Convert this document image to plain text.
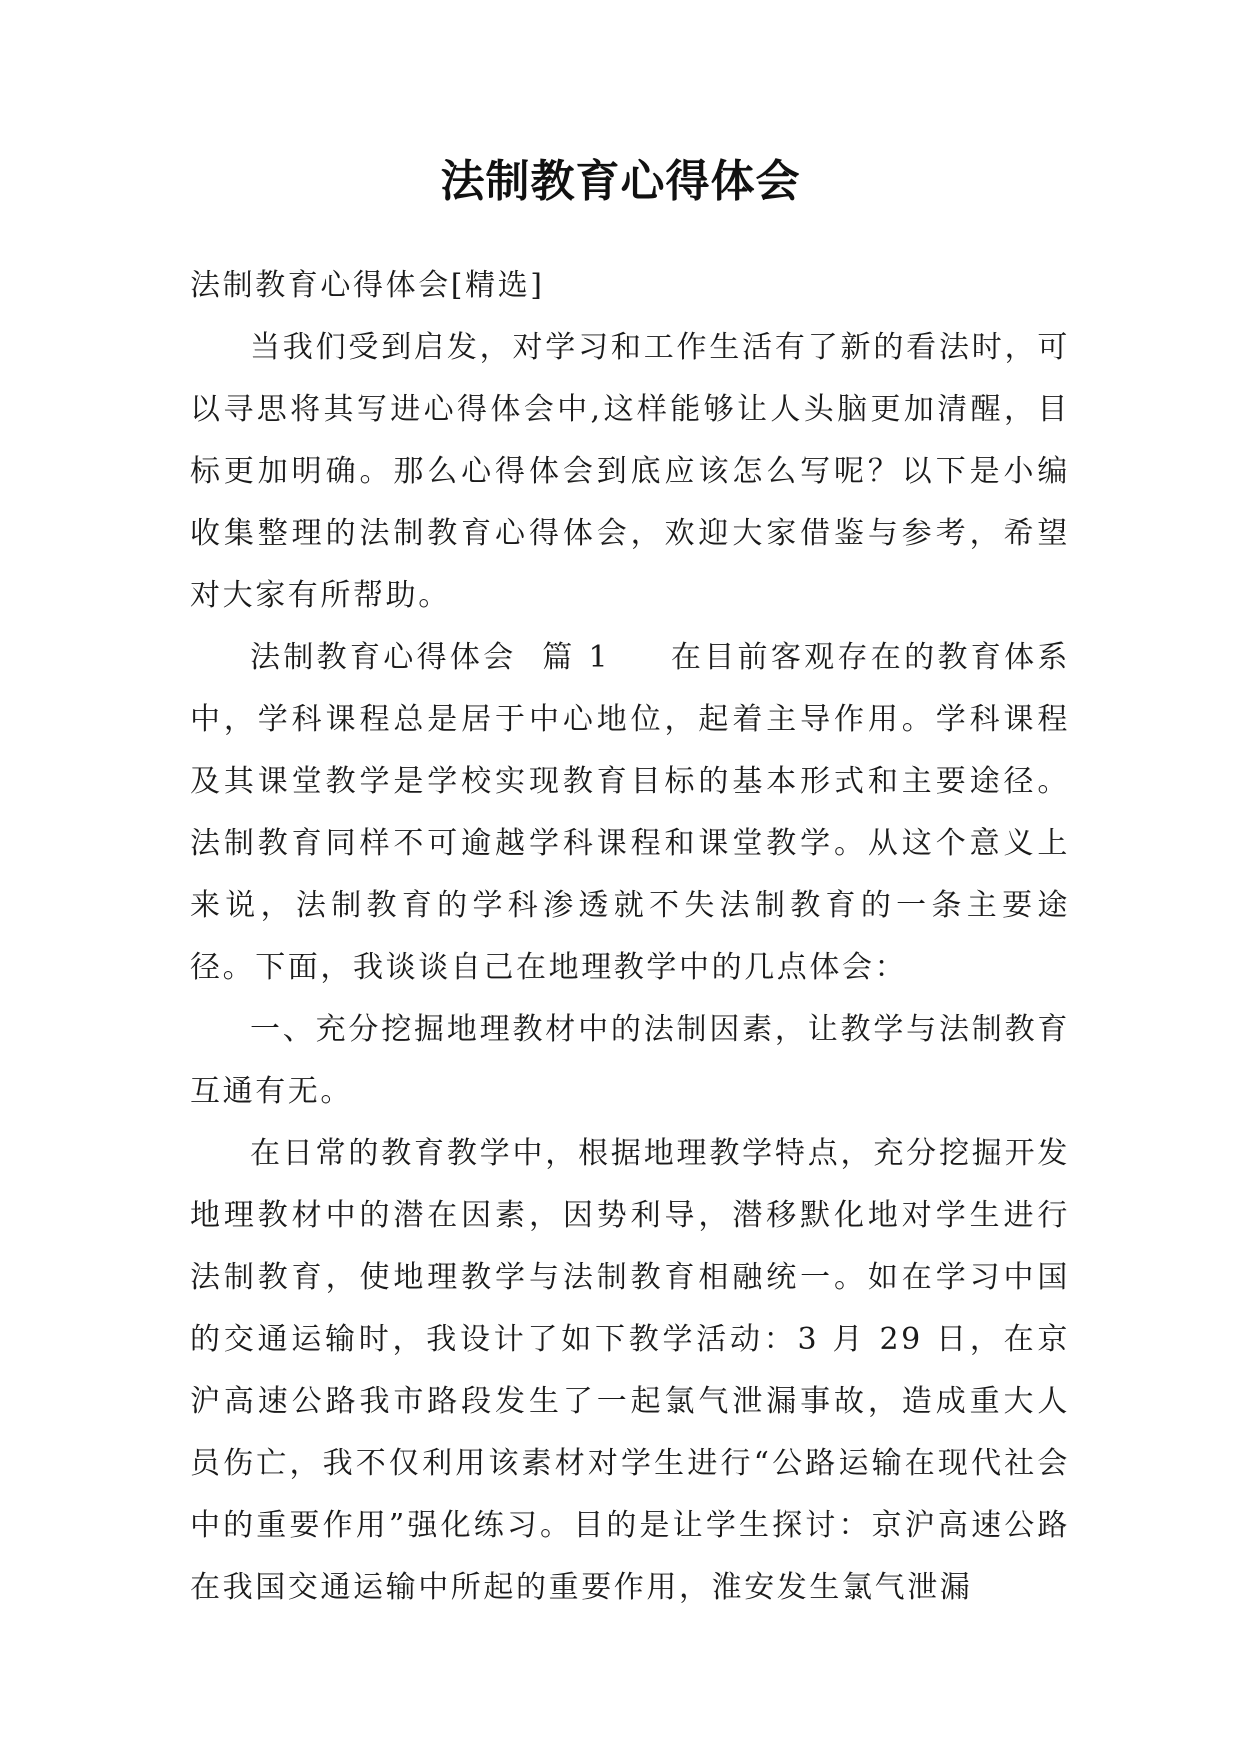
法制教育心得体会

法制教育心得体会[精选]

当我们受到启发，对学习和工作生活有了新的看法时，可以寻思将其写进心得体会中,这样能够让人头脑更加清醒，目标更加明确。那么心得体会到底应该怎么写呢？以下是小编收集整理的法制教育心得体会，欢迎大家借鉴与参考，希望对大家有所帮助。

法制教育心得体会  篇 1 在目前客观存在的教育体系中，学科课程总是居于中心地位，起着主导作用。学科课程及其课堂教学是学校实现教育目标的基本形式和主要途径。法制教育同样不可逾越学科课程和课堂教学。从这个意义上来说，法制教育的学科渗透就不失法制教育的一条主要途径。下面，我谈谈自己在地理教学中的几点体会：

一、充分挖掘地理教材中的法制因素，让教学与法制教育互通有无。

在日常的教育教学中，根据地理教学特点，充分挖掘开发地理教材中的潜在因素，因势利导，潜移默化地对学生进行法制教育，使地理教学与法制教育相融统一。如在学习中国的交通运输时，我设计了如下教学活动：3 月 29 日，在京沪高速公路我市路段发生了一起氯气泄漏事故，造成重大人员伤亡，我不仅利用该素材对学生进行“公路运输在现代社会中的重要作用”强化练习。目的是让学生探讨：京沪高速公路在我国交通运输中所起的重要作用，淮安发生氯气泄漏
